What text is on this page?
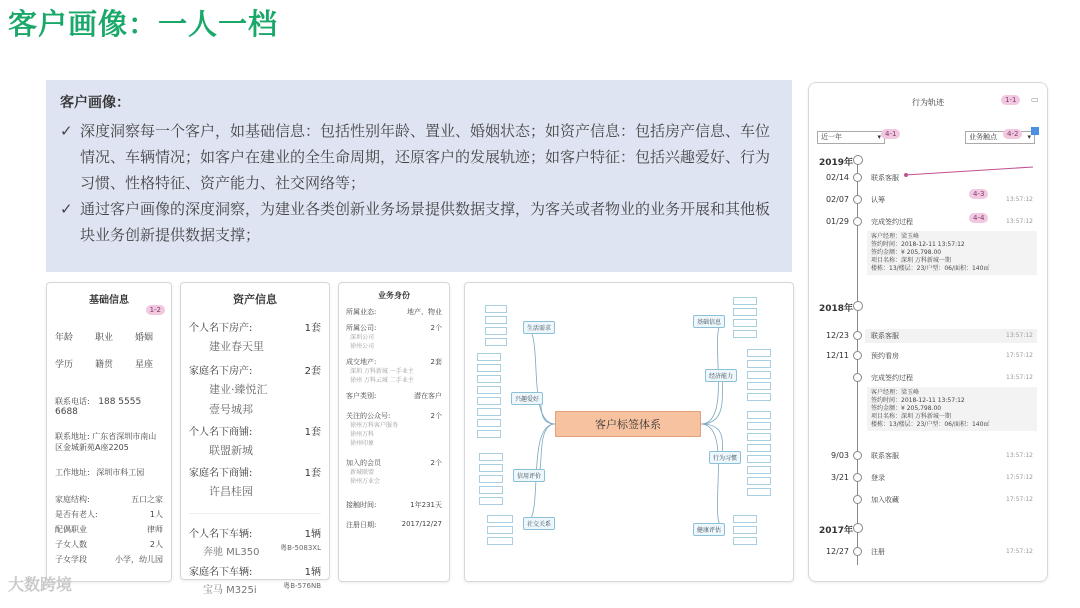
客户画像：一人一档
客户画像：
✓ 深度洞察每一个客户，如基础信息：包括性别年龄、置业、婚姻状态；如资产信息：包括房产信息、车位情况、车辆情况；如客户在建业的全生命周期，还原客户的发展轨迹；如客户特征：包括兴趣爱好、行为习惯、性格特征、资产能力、社交网络等；
✓ 通过客户画像的深度洞察，为建业各类创新业务场景提供数据支撑，为客关或者物业的业务开展和其他板块业务创新提供数据支撑；
基础信息
1-2
年龄 职业 婚姻
学历 籍贯 星座
联系电话: 188 5555 6688
联系地址: 广东省深圳市南山区金城新苑A座2205
工作地址: 深圳市科工园
家庭结构:	五口之家
是否有老人:	1人
配偶职业	律师
子女人数	2人
子女学段	小学，幼儿园
资产信息
个人名下房产:	1套
建业春天里
家庭名下房产:	2套
建业·臻悦汇
壹号城邦
个人名下商铺:	1套
联盟新城
家庭名下商铺:	1套
许昌桂园
个人名下车辆:	1辆
奔驰 ML350	粤B-5083XL
家庭名下车辆:	1辆
宝马 M325i	粤B-576NB
业务身份
所属业态:	地产、物业
所属公司:	2个
深圳公司
徐州公司
成交地产:	2套
深圳 万科新城 一手业主
徐州 万科云城 二手业主
客户类别:	潜在客户
关注的公众号:	2个
徐州万科客户服务
徐州万科
徐州印象
加入的会员	2个
新城联盟
徐州万业会
接触时间:	1年231天
注册日期:	2017/12/27
客户标签体系
生活需求
兴趣爱好
信用评价
社交关系
基础信息
经济能力
行为习惯
健康评估
行为轨迹	1-1	▭
近一年	▾ 4-1	业务触点	▾
4-2
2019年
02/14	联系客服
02/07	认筹	13:57:12
4-3
01/29	完成签约过程	13:57:12
4-4
客户经理：梁玉峰
签约时间：2018-12-11 13:57:12
签约金额：¥ 205,798.00
项目名称：深圳 万科新城一期
楼栋：13/楼层：23/户型：06/面积：140㎡
2018年
12/23	联系客服	13:57:12
12/11	预约看房	17:57:12
完成签约过程	13:57:12
客户经理：梁玉峰
签约时间：2018-12-11 13:57:12
签约金额：¥ 205,798.00
项目名称：深圳 万科新城一期
楼栋：13/楼层：23/户型：06/面积：140㎡
9/03	联系客服	13:57:12
3/21	登录	17:57:12
加入收藏	17:57:12
2017年
12/27	注册	17:57:12
大数跨境
